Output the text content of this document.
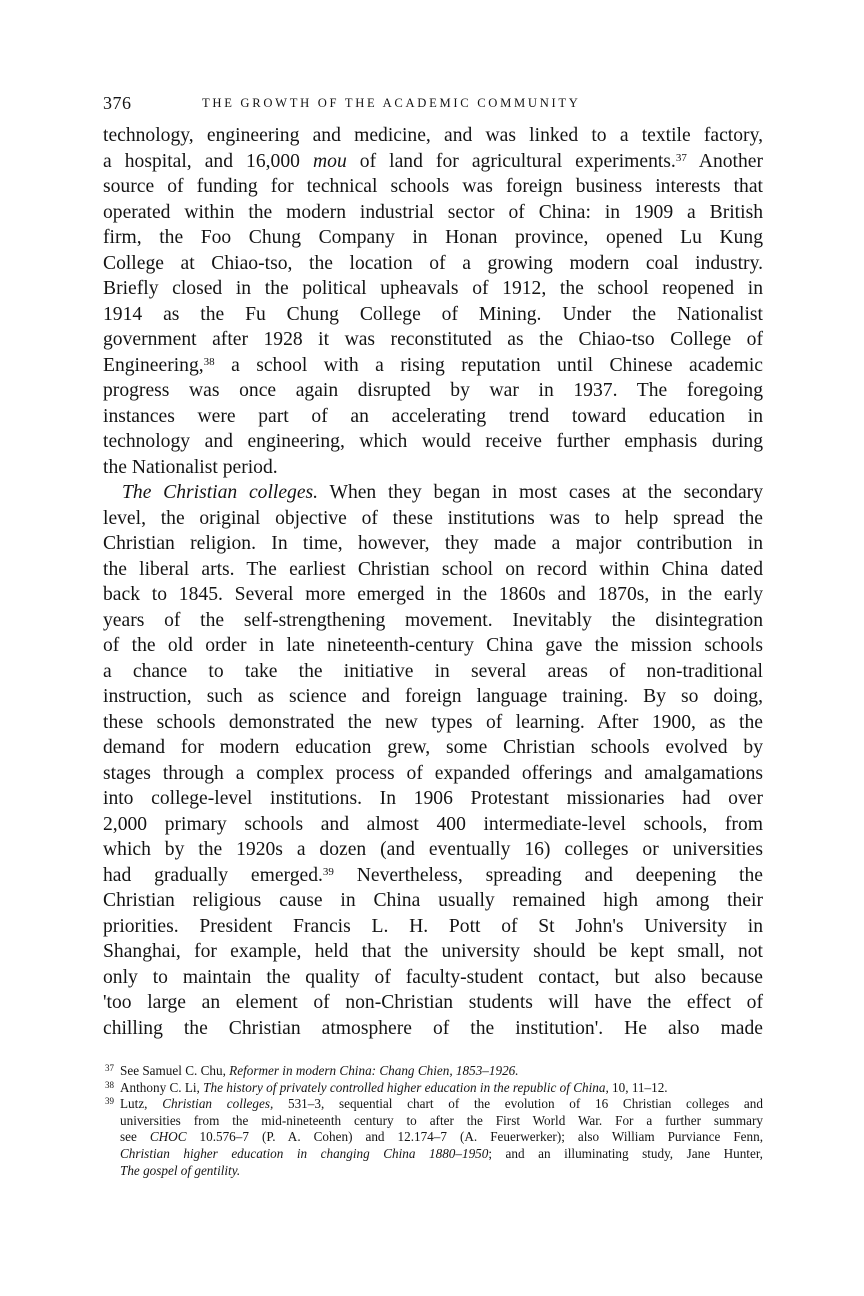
376	THE GROWTH OF THE ACADEMIC COMMUNITY
technology, engineering and medicine, and was linked to a textile factory,
a hospital, and 16,000 mou of land for agricultural experiments.$^{37}$ Another
source of funding for technical schools was foreign business interests that
operated within the modern industrial sector of China: in 1909 a British
firm, the Foo Chung Company in Honan province, opened Lu Kung
College at Chiao-tso, the location of a growing modern coal industry.
Briefly closed in the political upheavals of 1912, the school reopened in
1914 as the Fu Chung College of Mining. Under the Nationalist
government after 1928 it was reconstituted as the Chiao-tso College of
Engineering,$^{38}$ a school with a rising reputation until Chinese academic
progress was once again disrupted by war in 1937. The foregoing
instances were part of an accelerating trend toward education in
technology and engineering, which would receive further emphasis during
the Nationalist period.
The Christian colleges. When they began in most cases at the secondary
level, the original objective of these institutions was to help spread the
Christian religion. In time, however, they made a major contribution in
the liberal arts. The earliest Christian school on record within China dated
back to 1845. Several more emerged in the 1860s and 1870s, in the early
years of the self-strengthening movement. Inevitably the disintegration
of the old order in late nineteenth-century China gave the mission schools
a chance to take the initiative in several areas of non-traditional
instruction, such as science and foreign language training. By so doing,
these schools demonstrated the new types of learning. After 1900, as the
demand for modern education grew, some Christian schools evolved by
stages through a complex process of expanded offerings and amalgamations
into college-level institutions. In 1906 Protestant missionaries had over
2,000 primary schools and almost 400 intermediate-level schools, from
which by the 1920s a dozen (and eventually 16) colleges or universities
had gradually emerged.$^{39}$ Nevertheless, spreading and deepening the
Christian religious cause in China usually remained high among their
priorities. President Francis L. H. Pott of St John's University in
Shanghai, for example, held that the university should be kept small, not
only to maintain the quality of faculty-student contact, but also because
'too large an element of non-Christian students will have the effect of
chilling the Christian atmosphere of the institution'. He also made
37 See Samuel C. Chu, Reformer in modern China: Chang Chien, 1853–1926.
38 Anthony C. Li, The history of privately controlled higher education in the republic of China, 10, 11–12.
39 Lutz, Christian colleges, 531–3, sequential chart of the evolution of 16 Christian colleges and
universities from the mid-nineteenth century to after the First World War. For a further summary
see CHOC 10.576–7 (P. A. Cohen) and 12.174–7 (A. Feuerwerker); also William Purviance Fenn,
Christian higher education in changing China 1880–1950; and an illuminating study, Jane Hunter,
The gospel of gentility.
